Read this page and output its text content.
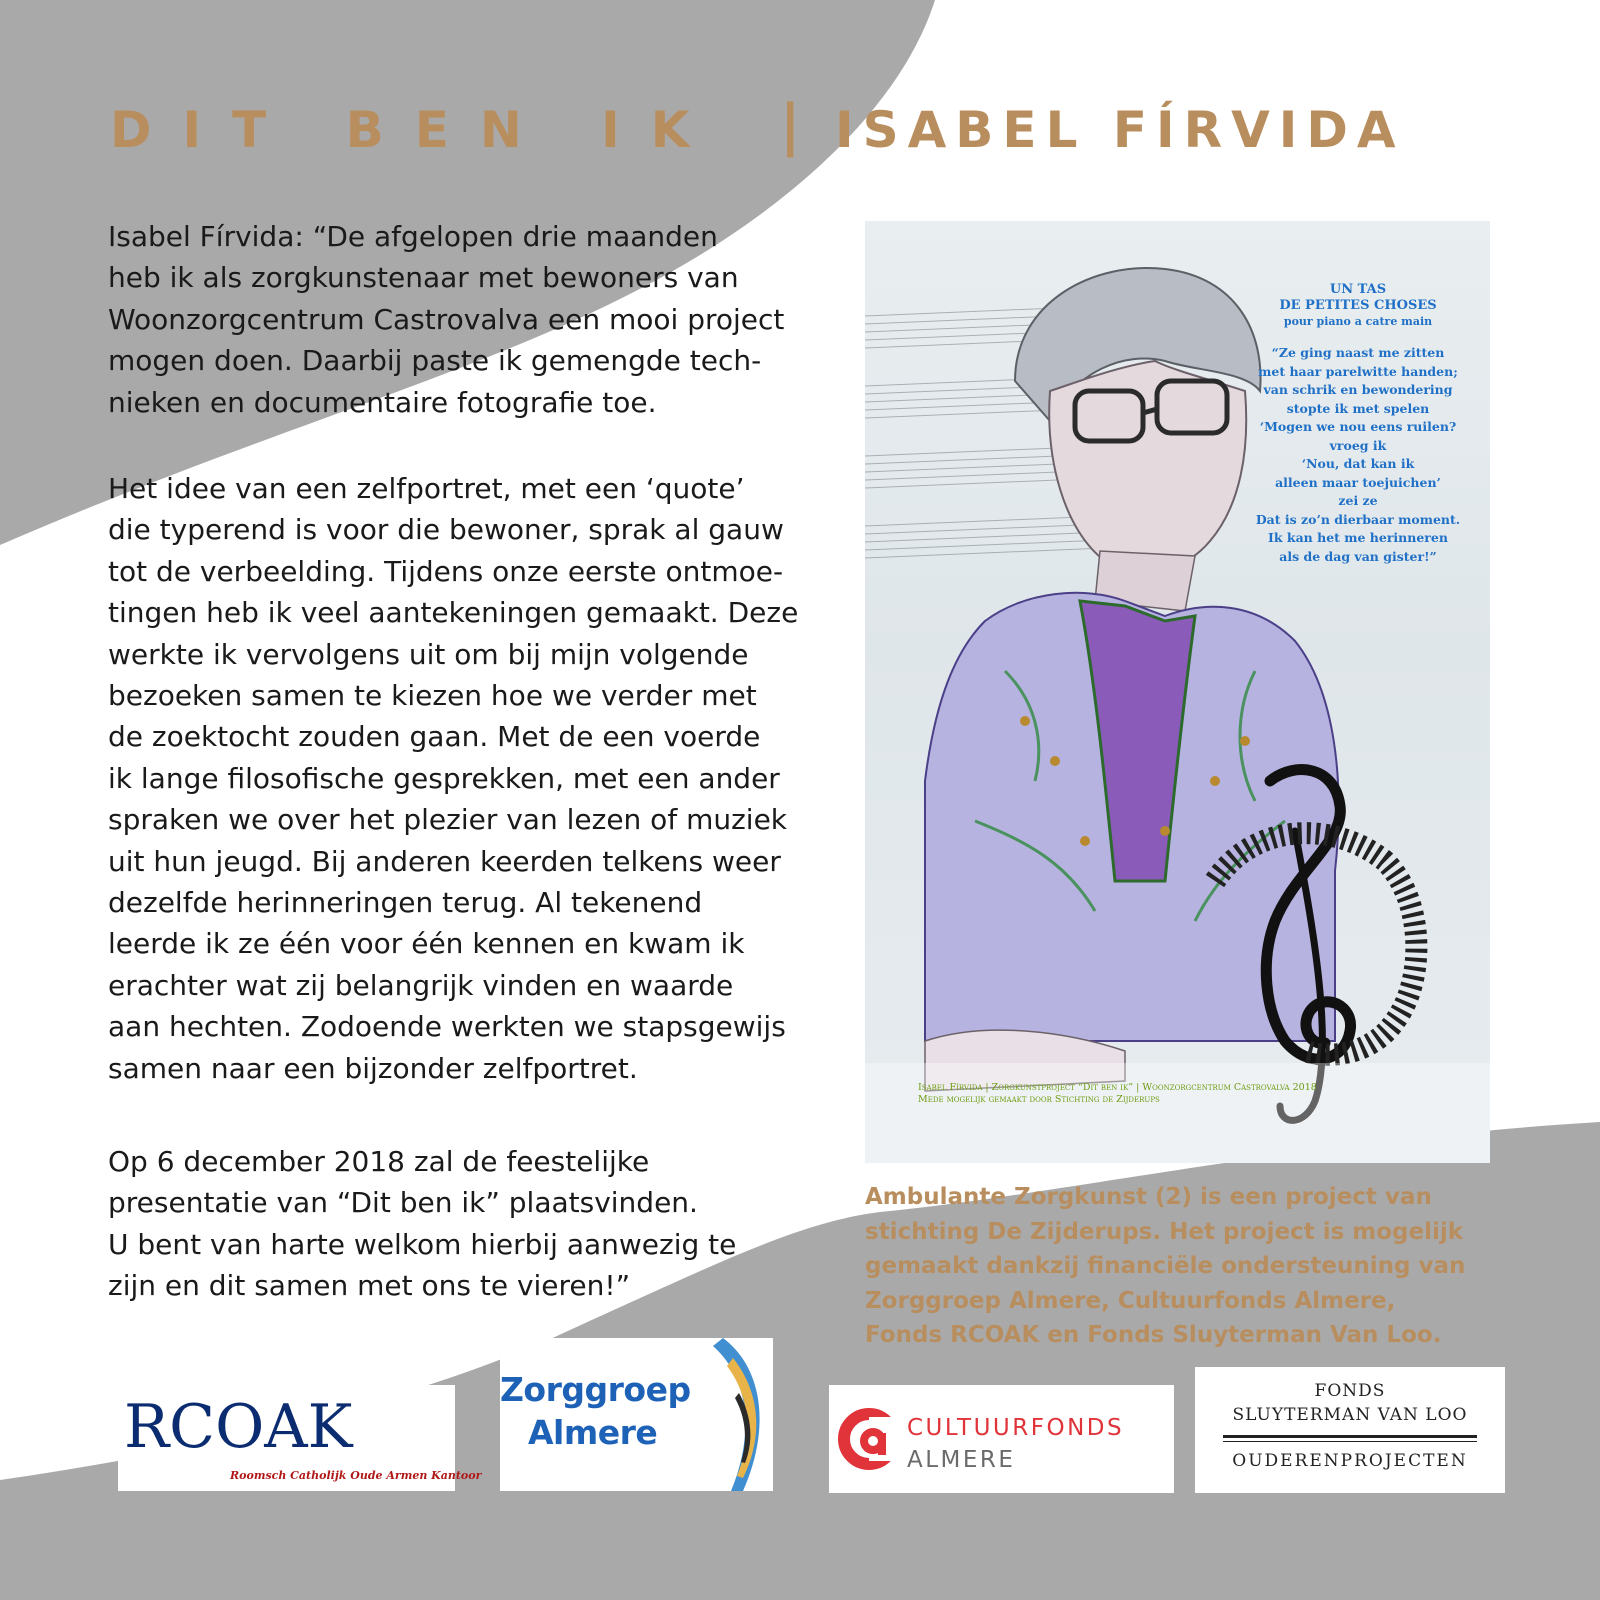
DIT BEN IK | ISABEL FÍRVIDA

Isabel Fírvida: “De afgelopen drie maanden
heb ik als zorgkunstenaar met bewoners van
Woonzorgcentrum Castrovalva een mooi project
mogen doen. Daarbij paste ik gemengde tech-
nieken en documentaire fotografie toe.

Het idee van een zelfportret, met een ‘quote’
die typerend is voor die bewoner, sprak al gauw
tot de verbeelding. Tijdens onze eerste ontmoe-
tingen heb ik veel aantekeningen gemaakt. Deze
werkte ik vervolgens uit om bij mijn volgende
bezoeken samen te kiezen hoe we verder met
de zoektocht zouden gaan. Met de een voerde
ik lange filosofische gesprekken, met een ander
spraken we over het plezier van lezen of muziek
uit hun jeugd. Bij anderen keerden telkens weer
dezelfde herinneringen terug. Al tekenend
leerde ik ze één voor één kennen en kwam ik
erachter wat zij belangrijk vinden en waarde
aan hechten. Zodoende werkten we stapsgewijs
samen naar een bijzonder zelfportret.

Op 6 december 2018 zal de feestelijke
presentatie van “Dit ben ik” plaatsvinden.
U bent van harte welkom hierbij aanwezig te
zijn en dit samen met ons te vieren!”

UN TAS
DE PETITES CHOSES
pour piano a catre main
“Ze ging naast me zitten
met haar parelwitte handen;
van schrik en bewondering
stopte ik met spelen
‘Mogen we nou eens ruilen?
vroeg ik
‘Nou, dat kan ik
alleen maar toejuichen’
zei ze
Dat is zo’n dierbaar moment.
Ik kan het me herinneren
als de dag van gister!”
Isabel Fírvida | Zorgkunstproject “Dit ben ik” | Woonzorgcentrum Castrovalva 2018
Mede mogelijk gemaakt door Stichting de Zijderups
Ambulante Zorgkunst (2) is een project van
stichting De Zijderups. Het project is mogelijk
gemaakt dankzij financiële ondersteuning van
Zorggroep Almere, Cultuurfonds Almere,
Fonds RCOAK en Fonds Sluyterman Van Loo.
RCOAK
Roomsch Catholijk Oude Armen Kantoor
Zorggroep
Almere	CULTUURFONDS
ALMERE
FONDS
SLUYTERMAN VAN LOO
OUDERENPROJECTEN
